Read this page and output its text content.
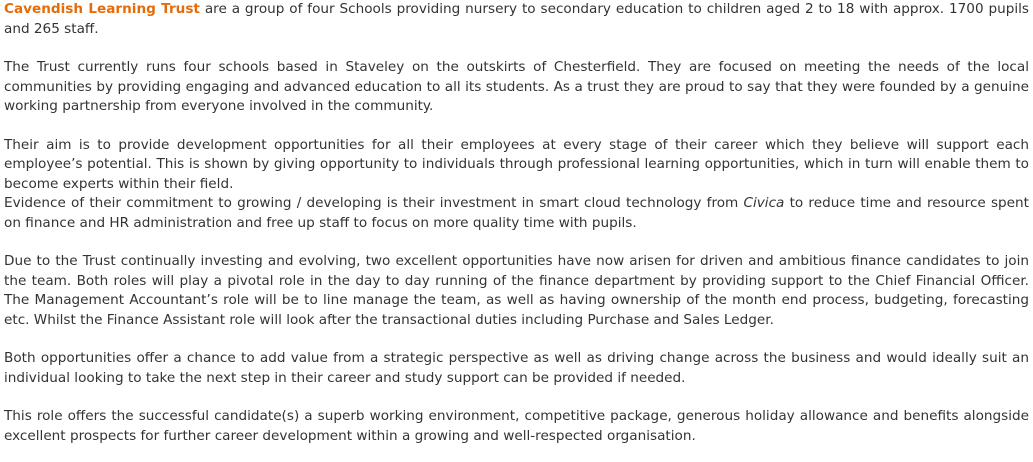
Cavendish Learning Trust are a group of four Schools providing nursery to secondary education to children aged 2 to 18 with approx. 1700 pupils and 265 staff.

The Trust currently runs four schools based in Staveley on the outskirts of Chesterfield. They are focused on meeting the needs of the local communities by providing engaging and advanced education to all its students. As a trust they are proud to say that they were founded by a genuine working partnership from everyone involved in the community.

Their aim is to provide development opportunities for all their employees at every stage of their career which they believe will support each employee’s potential. This is shown by giving opportunity to individuals through professional learning opportunities, which in turn will enable them to become experts within their field.

Evidence of their commitment to growing / developing is their investment in smart cloud technology from Civica to reduce time and resource spent on finance and HR administration and free up staff to focus on more quality time with pupils.

Due to the Trust continually investing and evolving, two excellent opportunities have now arisen for driven and ambitious finance candidates to join the team. Both roles will play a pivotal role in the day to day running of the finance department by providing support to the Chief Financial Officer. The Management Accountant’s role will be to line manage the team, as well as having ownership of the month end process, budgeting, forecasting etc. Whilst the Finance Assistant role will look after the transactional duties including Purchase and Sales Ledger.

Both opportunities offer a chance to add value from a strategic perspective as well as driving change across the business and would ideally suit an individual looking to take the next step in their career and study support can be provided if needed.

This role offers the successful candidate(s) a superb working environment, competitive package, generous holiday allowance and benefits alongside excellent prospects for further career development within a growing and well-respected organisation.
